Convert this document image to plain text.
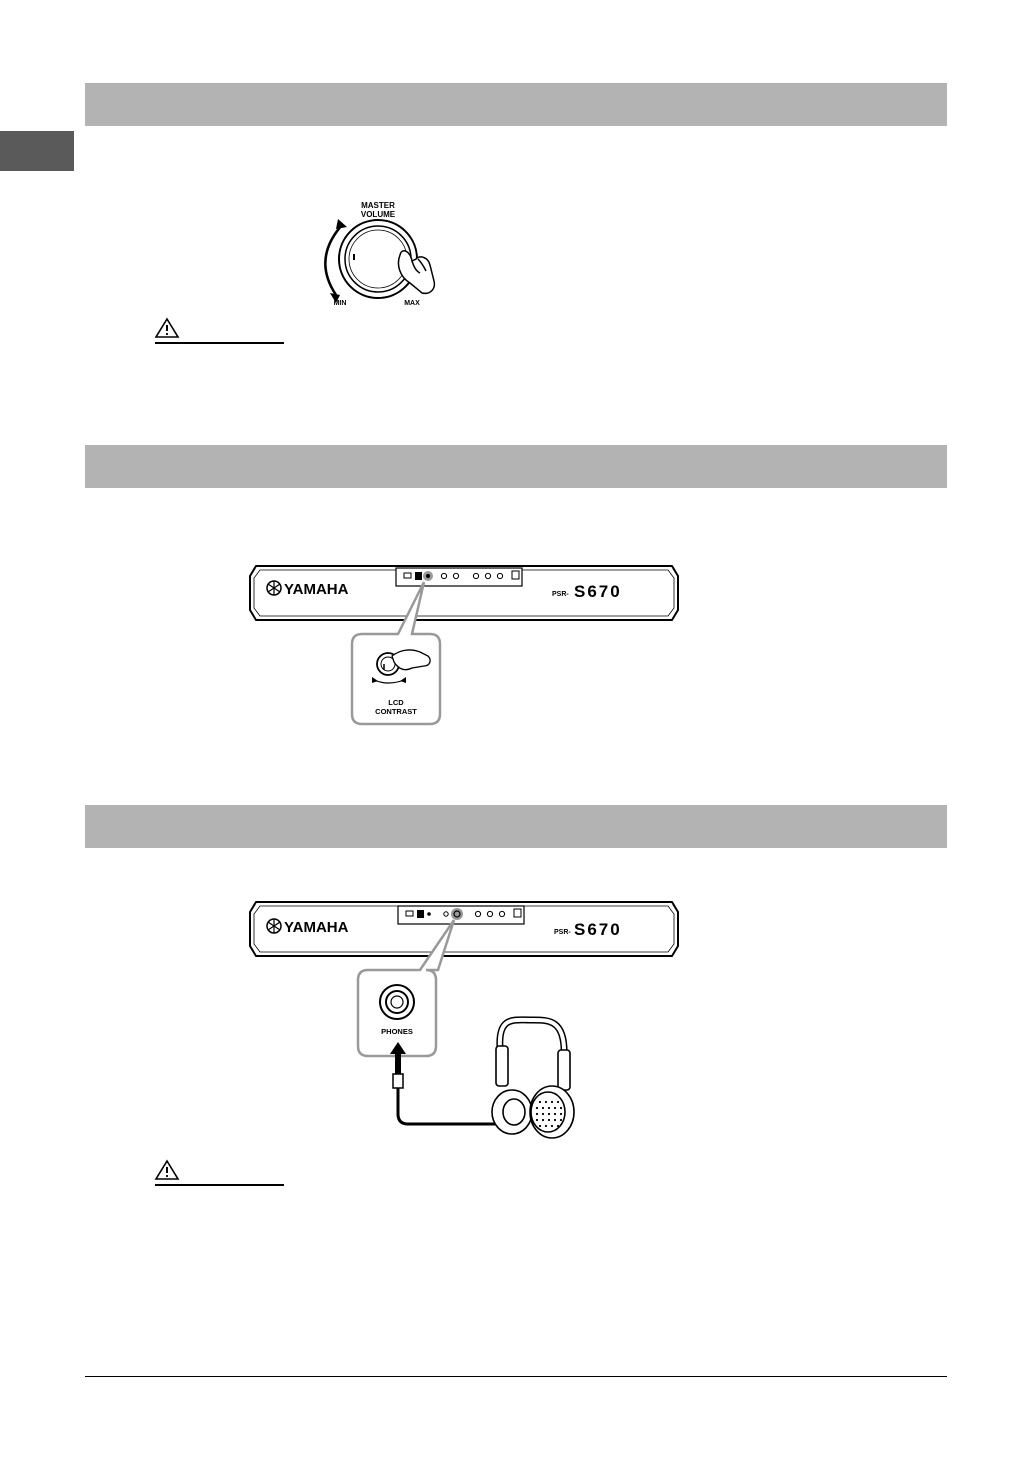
MASTER
VOLUME
MIN	MAX
YAMAHA	PSR- S670
LCD
CONTRAST
YAMAHA	PSR- S670
PHONES
